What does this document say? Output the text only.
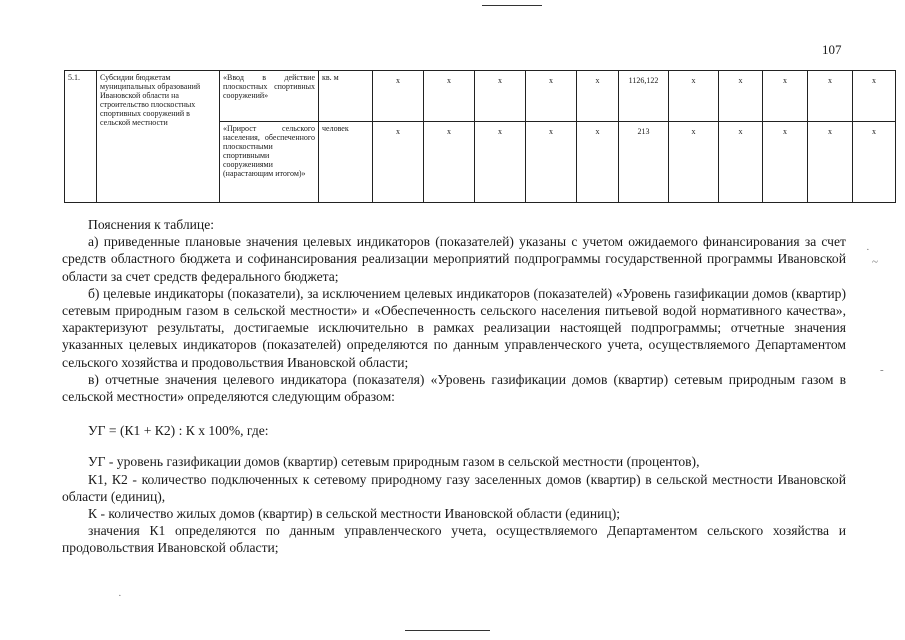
·
~
-
·
107
5.1.	Субсидии бюджетам муниципальных образований Ивановской области на строительство плоскостных спортивных сооружений в сельской местности	«Ввод в действие плоскостных спортивных сооружений»	кв. м	x	x	x	x	x	1126,122	x	x	x	x	x
		«Прирост сельского населения, обеспеченного плоскостными спортивными сооружениями (нарастающим итогом)»	человек	x	x	x	x	x	213	x	x	x	x	x

Пояснения к таблице:

а) приведенные плановые значения целевых индикаторов (показателей) указаны с учетом ожидаемого финансирования за счет средств областного бюджета и софинансирования реализации мероприятий подпрограммы государственной программы Ивановской области за счет средств федерального бюджета;

б) целевые индикаторы (показатели), за исключением целевых индикаторов (показателей) «Уровень газификации домов (квартир) сетевым природным газом в сельской местности» и «Обеспеченность сельского населения питьевой водой нормативного качества», характеризуют результаты, достигаемые исключительно в рамках реализации настоящей подпрограммы; отчетные значения указанных целевых индикаторов (показателей) определяются по данным управленческого учета, осуществляемого Департаментом сельского хозяйства и продовольствия Ивановской области;

в) отчетные значения целевого индикатора (показателя) «Уровень газификации домов (квартир) сетевым природным газом в сельской местности» определяются следующим образом:

УГ = (К1 + К2) : К х 100%, где:

УГ - уровень газификации домов (квартир) сетевым природным газом в сельской местности (процентов),

К1, К2 - количество подключенных к сетевому природному газу заселенных домов (квартир) в сельской местности Ивановской области (единиц),

К - количество жилых домов (квартир) в сельской местности Ивановской области (единиц);

значения К1 определяются по данным управленческого учета, осуществляемого Департаментом сельского хозяйства и продовольствия Ивановской области;
